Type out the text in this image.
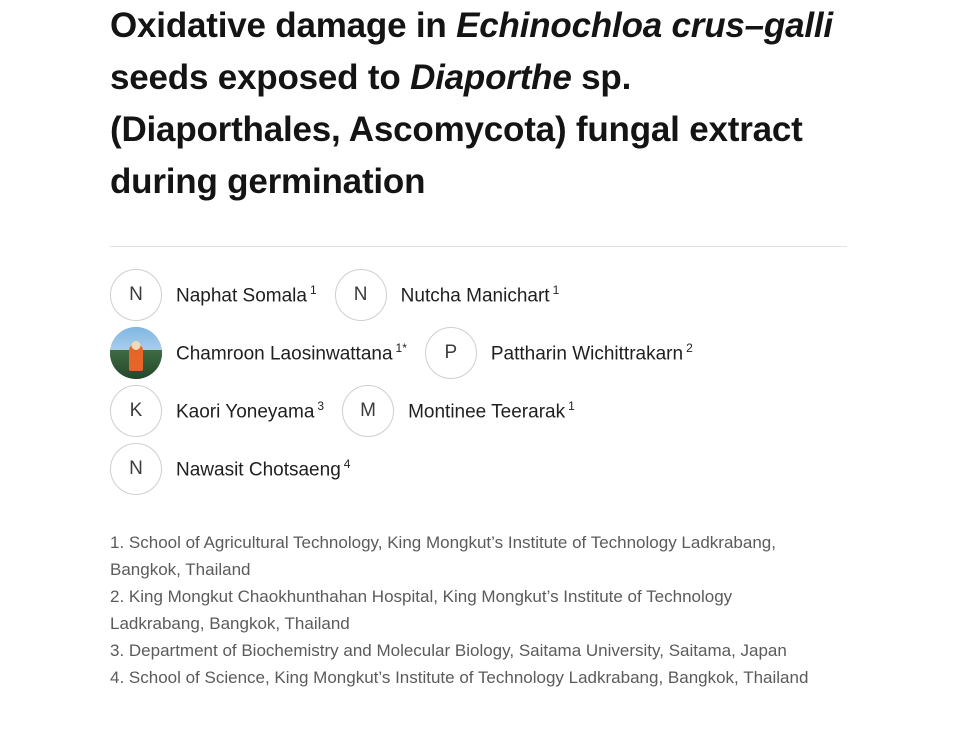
Oxidative damage in Echinochloa crus–galli seeds exposed to Diaporthe sp. (Diaporthales, Ascomycota) fungal extract during germination
N	Naphat Somala $^1$	N	Nutcha Manichart $^1$
Chamroon Laosinwattana $^{1*}$	P	Pattharin Wichittrakarn $^2$
K	Kaori Yoneyama $^3$	M	Montinee Teerarak $^1$
N	Nawasit Chotsaeng $^4$

1. School of Agricultural Technology, King Mongkut’s Institute of Technology Ladkrabang, Bangkok, Thailand

2. King Mongkut Chaokhunthahan Hospital, King Mongkut’s Institute of Technology Ladkrabang, Bangkok, Thailand

3. Department of Biochemistry and Molecular Biology, Saitama University, Saitama, Japan

4. School of Science, King Mongkut’s Institute of Technology Ladkrabang, Bangkok, Thailand
